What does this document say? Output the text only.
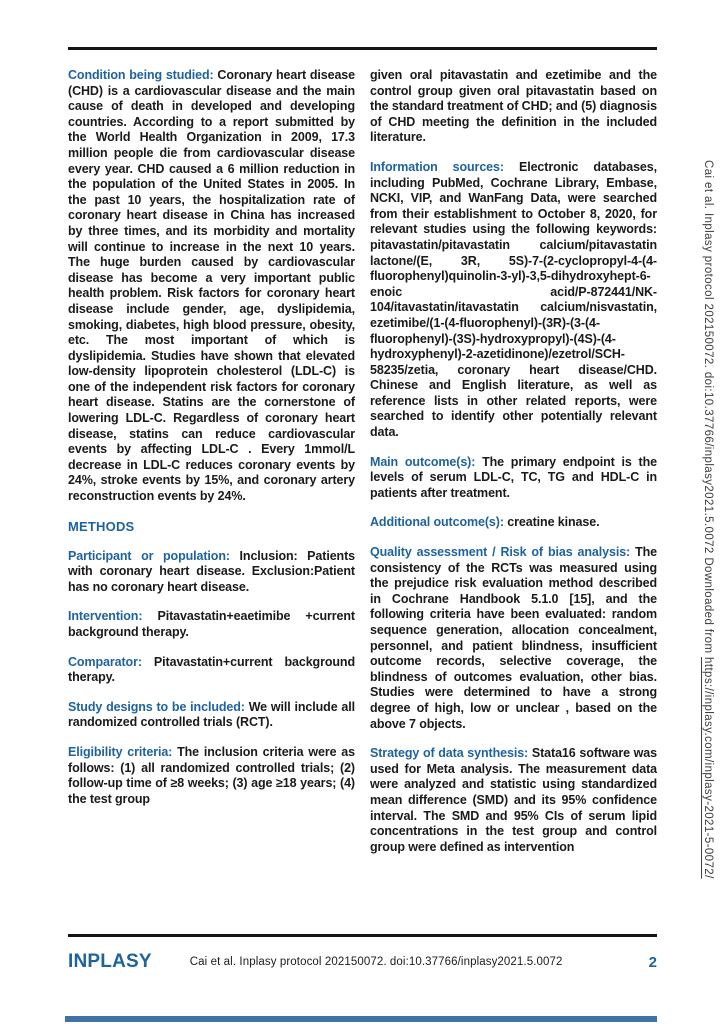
Condition being studied: Coronary heart disease (CHD) is a cardiovascular disease and the main cause of death in developed and developing countries. According to a report submitted by the World Health Organization in 2009, 17.3 million people die from cardiovascular disease every year. CHD caused a 6 million reduction in the population of the United States in 2005. In the past 10 years, the hospitalization rate of coronary heart disease in China has increased by three times, and its morbidity and mortality will continue to increase in the next 10 years. The huge burden caused by cardiovascular disease has become a very important public health problem. Risk factors for coronary heart disease include gender, age, dyslipidemia, smoking, diabetes, high blood pressure, obesity, etc. The most important of which is dyslipidemia. Studies have shown that elevated low-density lipoprotein cholesterol (LDL-C) is one of the independent risk factors for coronary heart disease. Statins are the cornerstone of lowering LDL-C. Regardless of coronary heart disease, statins can reduce cardiovascular events by affecting LDL-C . Every 1mmol/L decrease in LDL-C reduces coronary events by 24%, stroke events by 15%, and coronary artery reconstruction events by 24%.

METHODS

Participant or population: Inclusion: Patients with coronary heart disease. Exclusion:Patient has no coronary heart disease.

Intervention: Pitavastatin+eaetimibe +current background therapy.

Comparator: Pitavastatin+current background therapy.

Study designs to be included: We will include all randomized controlled trials (RCT).

Eligibility criteria: The inclusion criteria were as follows: (1) all randomized controlled trials; (2) follow-up time of ≥8 weeks; (3) age ≥18 years; (4) the test group

given oral pitavastatin and ezetimibe and the control group given oral pitavastatin based on the standard treatment of CHD; and (5) diagnosis of CHD meeting the definition in the included literature.

Information sources: Electronic databases, including PubMed, Cochrane Library, Embase, NCKI, VIP, and WanFang Data, were searched from their establishment to October 8, 2020, for relevant studies using the following keywords: pitavastatin/pitavastatin calcium/pitavastatin lactone/(E, 3R, 5S)-7-(2-cyclopropyl-4-(4-fluorophenyl)quinolin-3-yl)-3,5-dihydroxyhept-6-enoic acid/P-872441/NK-104/itavastatin/itavastatin calcium/nisvastatin, ezetimibe/(1-(4-fluorophenyl)-(3R)-(3-(4-fluorophenyl)-(3S)-hydroxypropyl)-(4S)-(4-hydroxyphenyl)-2-azetidinone)/ezetrol/SCH-58235/zetia, coronary heart disease/CHD. Chinese and English literature, as well as reference lists in other related reports, were searched to identify other potentially relevant data.

Main outcome(s): The primary endpoint is the levels of serum LDL-C, TC, TG and HDL-C in patients after treatment.

Additional outcome(s): creatine kinase.

Quality assessment / Risk of bias analysis: The consistency of the RCTs was measured using the prejudice risk evaluation method described in Cochrane Handbook 5.1.0 [15], and the following criteria have been evaluated: random sequence generation, allocation concealment, personnel, and patient blindness, insufficient outcome records, selective coverage, the blindness of outcomes evaluation, other bias. Studies were determined to have a strong degree of high, low or unclear , based on the above 7 objects.

Strategy of data synthesis: Stata16 software was used for Meta analysis. The measurement data were analyzed and statistic using standardized mean difference (SMD) and its 95% confidence interval. The SMD and 95% CIs of serum lipid concentrations in the test group and control group were defined as intervention

Cai et al. Inplasy protocol 202150072. doi:10.37766/inplasy2021.5.0072 Downloaded from https://inplasy.com/inplasy-2021-5-0072/
INPLASY	Cai et al. Inplasy protocol 202150072. doi:10.37766/inplasy2021.5.0072	2
